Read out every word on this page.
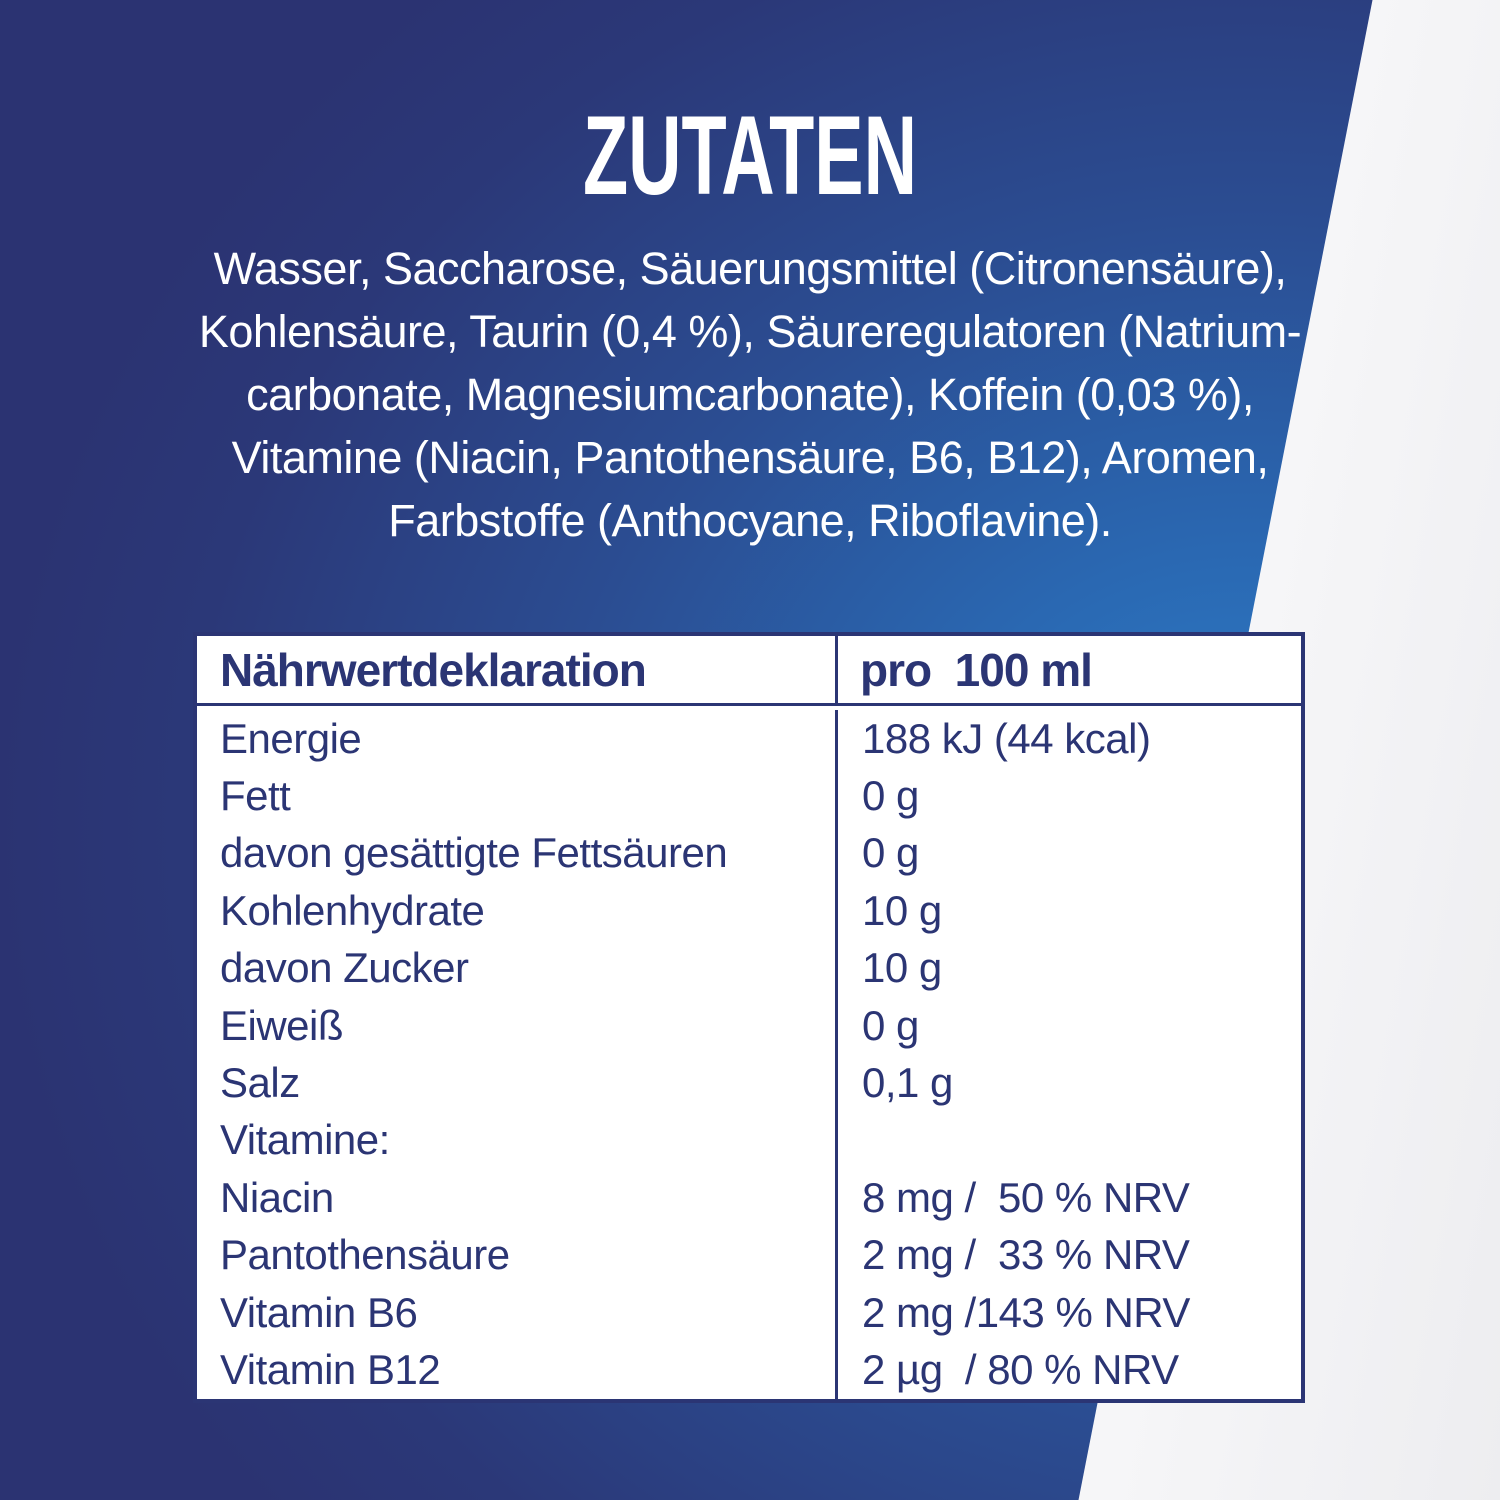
ZUTATEN
Wasser, Saccharose, Säuerungsmittel (Citronensäure),
Kohlensäure, Taurin (0,4 %), Säureregulatoren (Natrium-
carbonate, Magnesiumcarbonate), Koffein (0,03 %),
Vitamine (Niacin, Pantothensäure, B6, B12), Aromen,
Farbstoffe (Anthocyane, Riboflavine).
Nährwertdeklaration	pro  100 ml
Energie	188 kJ (44 kcal)
Fett	0 g
davon gesättigte Fettsäuren	0 g
Kohlenhydrate	10 g
davon Zucker	10 g
Eiweiß	0 g
Salz	0,1 g
Vitamine:
Niacin	8 mg /  50 % NRV
Pantothensäure	2 mg /  33 % NRV
Vitamin B6	2 mg /143 % NRV
Vitamin B12	2 µg  / 80 % NRV
